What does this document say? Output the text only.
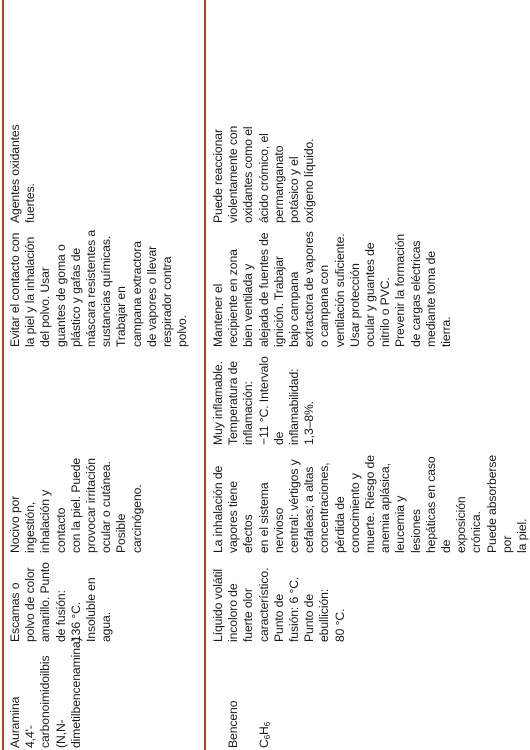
Auramina
4,4'-carbonoimidoilbis
(N,N-
dimetilbencenamina)
Escamas o
polvo de color
amarillo. Punto
de fusión:
136 °C.
Insoluble en
agua.
Nocivo por ingestión,
inhalación y contacto
con la piel. Puede
provocar irritación
ocular o cutánea.
Posible carcinógeno.
Evitar el contacto con
la piel y la inhalación
del polvo. Usar
guantes de goma o
plástico y gafas de
máscara resistentes a
sustancias químicas.
Trabajar en
campana extractora
de vapores o llevar
respirador contra
polvo.
Agentes oxidantes
fuertes.

Benceno $C_6H_6$

Líquido volátil
incoloro de
fuerte olor
característico.
Punto de
fusión: 6 °C.
Punto de
ebullición:
80 °C.
La inhalación de
vapores tiene efectos
en el sistema nervioso
central: vértigos y
cefaleas; a altas
concentraciones,
pérdida de
conocimiento y
muerte. Riesgo de
anemia aplásica,
leucemia y lesiones
hepáticas en caso de
exposición crónica.
Puede absorberse por
la piel.
Muy inflamable.
Temperatura de
inflamación:
−11 °C. Intervalo
de inflamabilidad:
1,3–8%.
Mantener el
recipiente en zona
bien ventilada y
alejada de fuentes de
ignición. Trabajar
bajo campana
extractora de vapores
o campana con
ventilación suficiente.
Usar protección
ocular y guantes de
nitrilo o PVC.
Prevenir la formación
de cargas eléctricas
mediante toma de
tierra.
Puede reaccionar
violentamente con
oxidantes como el
ácido crómico, el
permanganato
potásico y el
oxígeno líquido.
